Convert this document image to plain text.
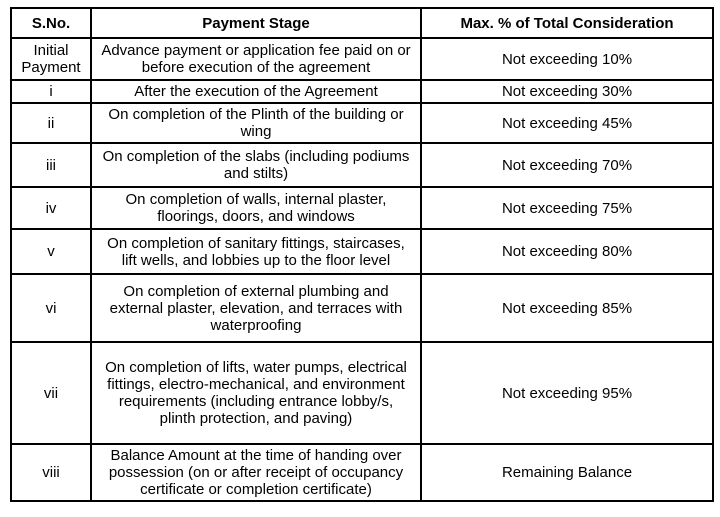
S.No.	Payment Stage	Max. % of Total Consideration
Initial Payment	Advance payment or application fee paid on or before execution of the agreement	Not exceeding 10%
i	After the execution of the Agreement	Not exceeding 30%
ii	On completion of the Plinth of the building or wing	Not exceeding 45%
iii	On completion of the slabs (including podiums and stilts)	Not exceeding 70%
iv	On completion of walls, internal plaster, floorings, doors, and windows	Not exceeding 75%
v	On completion of sanitary fittings, staircases, lift wells, and lobbies up to the floor level	Not exceeding 80%
vi	On completion of external plumbing and external plaster, elevation, and terraces with waterproofing	Not exceeding 85%
vii	On completion of lifts, water pumps, electrical fittings, electro-mechanical, and environment requirements (including entrance lobby/s, plinth protection, and paving)	Not exceeding 95%
viii	Balance Amount at the time of handing over possession (on or after receipt of occupancy certificate or completion certificate)	Remaining Balance
